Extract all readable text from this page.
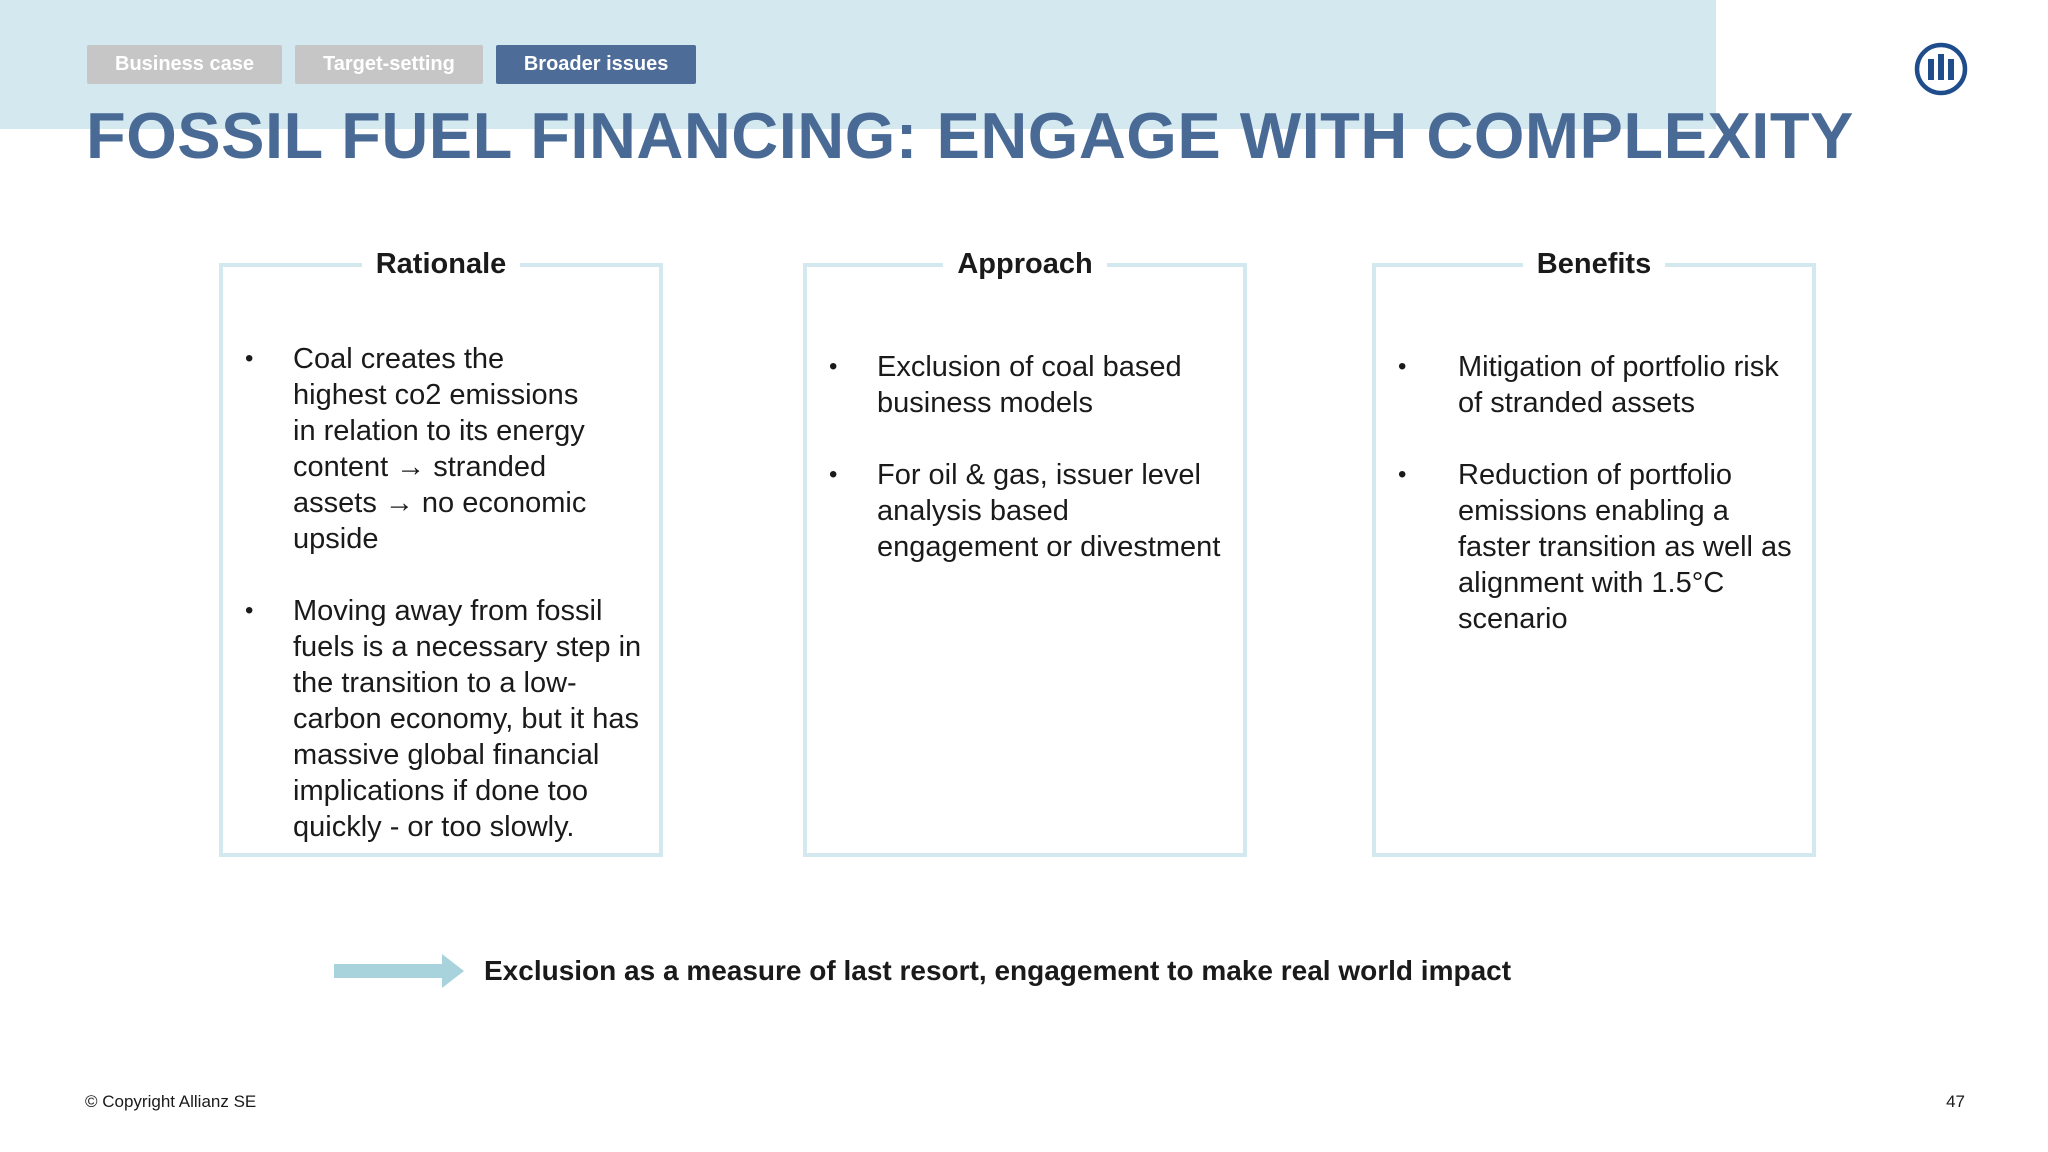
Business case	Target-setting	Broader issues
FOSSIL FUEL FINANCING: ENGAGE WITH COMPLEXITY
Rationale
• Coal creates the highest co2 emissions in relation to its energy content → stranded assets → no economic upside
• Moving away from fossil fuels is a necessary step in the transition to a low-carbon economy, but it has massive global financial implications if done too quickly - or too slowly.
Approach
• Exclusion of coal based business models
• For oil & gas, issuer level analysis based engagement or divestment
Benefits
• Mitigation of portfolio risk of stranded assets
• Reduction of portfolio emissions enabling a faster transition as well as alignment with 1.5°C scenario
Exclusion as a measure of last resort, engagement to make real world impact
© Copyright Allianz SE	47
